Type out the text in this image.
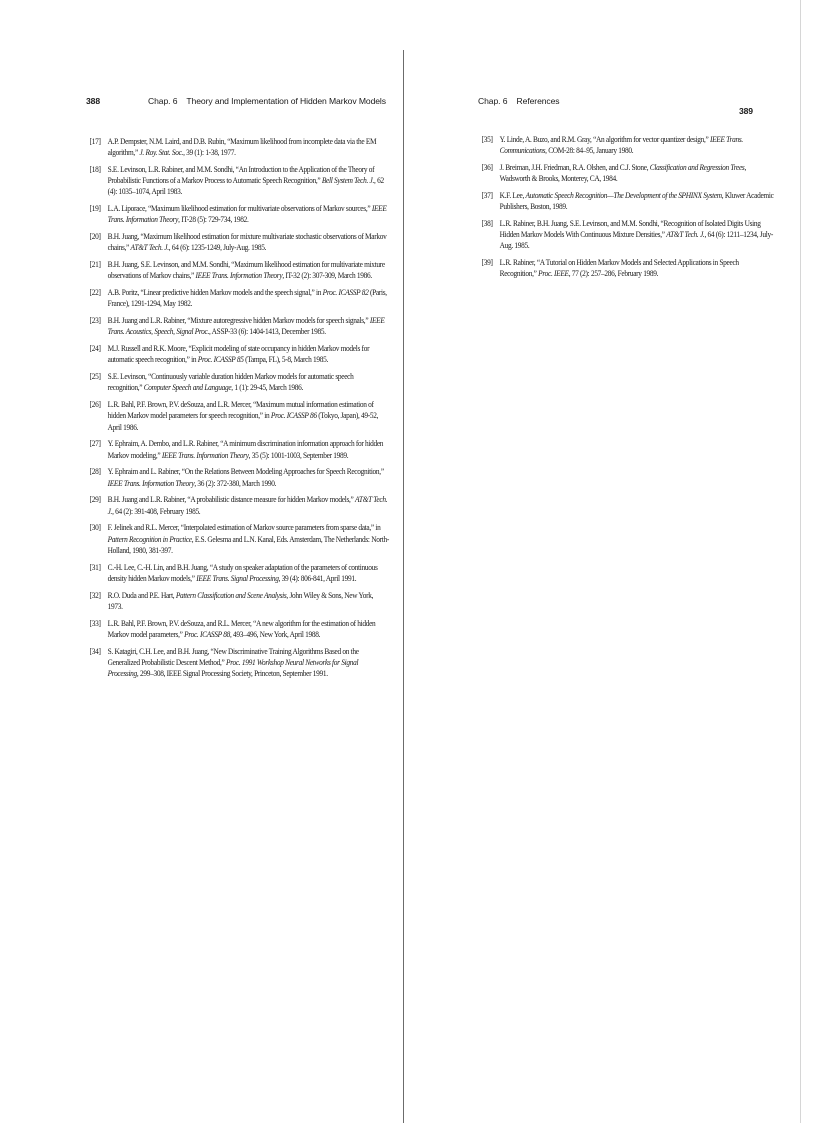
388	Chap. 6    Theory and Implementation of Hidden Markov Models
[17] A.P. Dempster, N.M. Laird, and D.B. Rubin, “Maximum likelihood from incomplete data via the EM algorithm,” J. Roy. Stat. Soc., 39 (1): 1-38, 1977.
[18] S.E. Levinson, L.R. Rabiner, and M.M. Sondhi, “An Introduction to the Application of the Theory of Probabilistic Functions of a Markov Process to Automatic Speech Recognition,” Bell System Tech. J., 62 (4): 1035–1074, April 1983.
[19] L.A. Liporace, “Maximum likelihood estimation for multivariate observations of Markov sources,” IEEE Trans. Information Theory, IT-28 (5): 729-734, 1982.
[20] B.H. Juang, “Maximum likelihood estimation for mixture multivariate stochastic observations of Markov chains,” AT&T Tech. J., 64 (6): 1235-1249, July-Aug. 1985.
[21] B.H. Juang, S.E. Levinson, and M.M. Sondhi, “Maximum likelihood estimation for multivariate mixture observations of Markov chains,” IEEE Trans. Information Theory, IT-32 (2): 307-309, March 1986.
[22] A.B. Poritz, “Linear predictive hidden Markov models and the speech signal,” in Proc. ICASSP 82 (Paris, France), 1291-1294, May 1982.
[23] B.H. Juang and L.R. Rabiner, “Mixture autoregressive hidden Markov models for speech signals,” IEEE Trans. Acoustics, Speech, Signal Proc., ASSP-33 (6): 1404-1413, December 1985.
[24] M.J. Russell and R.K. Moore, “Explicit modeling of state occupancy in hidden Markov models for automatic speech recognition,” in Proc. ICASSP 85 (Tampa, FL), 5-8, March 1985.
[25] S.E. Levinson, “Continuously variable duration hidden Markov models for automatic speech recognition,” Computer Speech and Language, 1 (1): 29-45, March 1986.
[26] L.R. Bahl, P.F. Brown, P.V. deSouza, and L.R. Mercer, “Maximum mutual information estimation of hidden Markov model parameters for speech recognition,” in Proc. ICASSP 86 (Tokyo, Japan), 49-52, April 1986.
[27] Y. Ephraim, A. Dembo, and L.R. Rabiner, “A minimum discrimination information approach for hidden Markov modeling,” IEEE Trans. Information Theory, 35 (5): 1001-1003, September 1989.
[28] Y. Ephraim and L. Rabiner, “On the Relations Between Modeling Approaches for Speech Recognition,” IEEE Trans. Information Theory, 36 (2): 372-380, March 1990.
[29] B.H. Juang and L.R. Rabiner, “A probabilistic distance measure for hidden Markov models,” AT&T Tech. J., 64 (2): 391-408, February 1985.
[30] F. Jelinek and R.L. Mercer, “Interpolated estimation of Markov source parameters from sparse data,” in Pattern Recognition in Practice, E.S. Gelesma and L.N. Kanal, Eds. Amsterdam, The Netherlands: North-Holland, 1980, 381-397.
[31] C.-H. Lee, C.-H. Lin, and B.H. Juang, “A study on speaker adaptation of the parameters of continuous density hidden Markov models,” IEEE Trans. Signal Processing, 39 (4): 806-841, April 1991.
[32] R.O. Duda and P.E. Hart, Pattern Classification and Scene Analysis, John Wiley & Sons, New York, 1973.
[33] L.R. Bahl, P.F. Brown, P.V. deSouza, and R.L. Mercer, “A new algorithm for the estimation of hidden Markov model parameters,” Proc. ICASSP 88, 493–496, New York, April 1988.
[34] S. Katagiri, C.H. Lee, and B.H. Juang, “New Discriminative Training Algorithms Based on the Generalized Probabilistic Descent Method,” Proc. 1991 Workshop Neural Networks for Signal Processing, 299–308, IEEE Signal Processing Society, Princeton, September 1991.
Chap. 6    References
389
[35] Y. Linde, A. Buzo, and R.M. Gray, “An algorithm for vector quantizer design,” IEEE Trans. Communications, COM-28: 84–95, January 1980.
[36] J. Breiman, J.H. Friedman, R.A. Olshen, and C.J. Stone, Classification and Regression Trees, Wadsworth & Brooks, Monterey, CA, 1984.
[37] K.F. Lee, Automatic Speech Recognition—The Development of the SPHINX System, Kluwer Academic Publishers, Boston, 1989.
[38] L.R. Rabiner, B.H. Juang, S.E. Levinson, and M.M. Sondhi, “Recognition of Isolated Digits Using Hidden Markov Models With Continuous Mixture Densities,” AT&T Tech. J., 64 (6): 1211–1234, July-Aug. 1985.
[39] L.R. Rabiner, “A Tutorial on Hidden Markov Models and Selected Applications in Speech Recognition,” Proc. IEEE, 77 (2): 257–286, February 1989.
